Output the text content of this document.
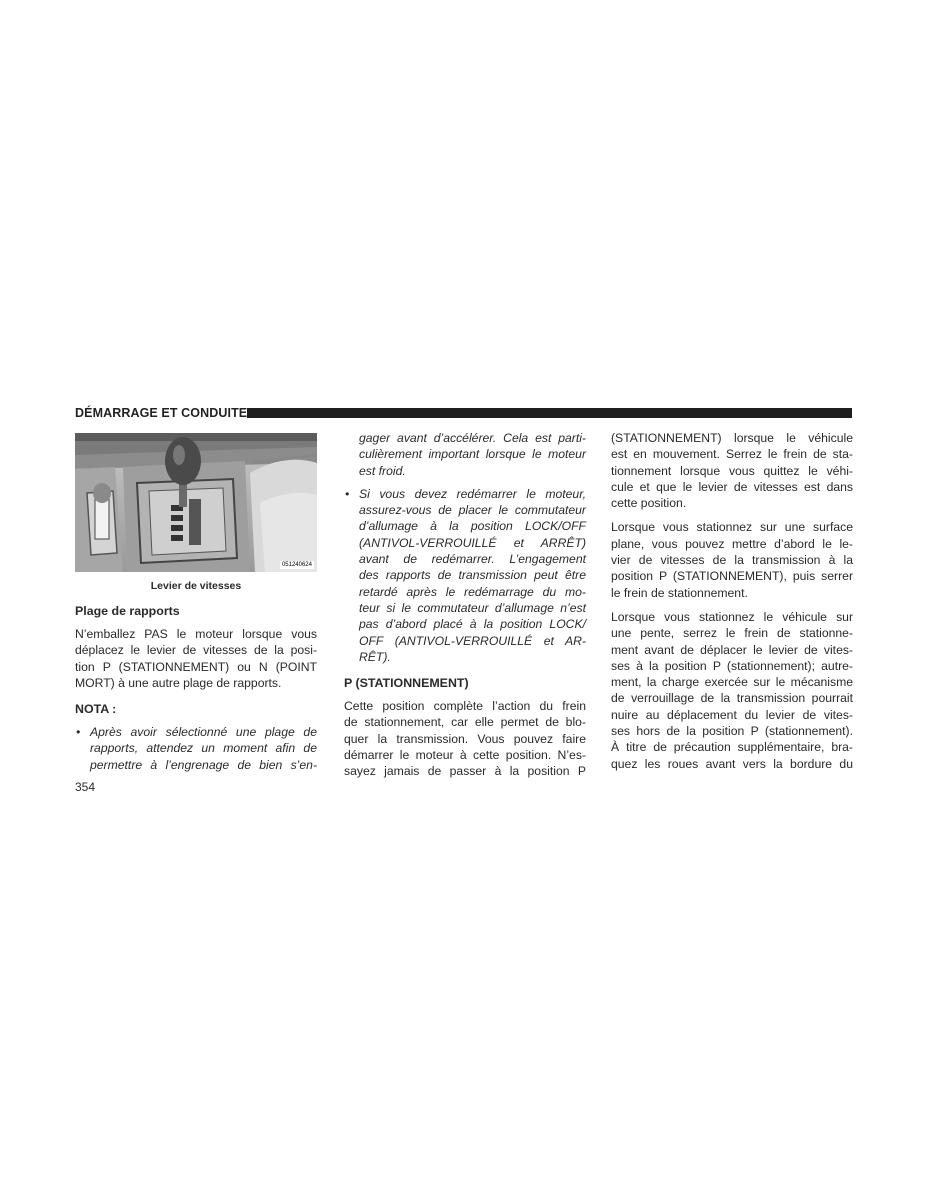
DÉMARRAGE ET CONDUITE
051240624
Levier de vitesses
Plage de rapports

N’emballez PAS le moteur lorsque vous
déplacez le levier de vitesses de la posi-
tion P (STATIONNEMENT) ou N (POINT
MORT) à une autre plage de rapports.

NOTA :
• Après avoir sélectionné une plage de
rapports, attendez un moment afin de
permettre à l’engrenage de bien s’en-
gager avant d’accélérer. Cela est parti-
culièrement important lorsque le moteur
est froid.
• Si vous devez redémarrer le moteur,
assurez-vous de placer le commutateur
d’allumage à la position LOCK/OFF
(ANTIVOL-VERROUILLÉ et ARRÊT)
avant de redémarrer. L’engagement
des rapports de transmission peut être
retardé après le redémarrage du mo-
teur si le commutateur d’allumage n’est
pas d’abord placé à la position LOCK/
OFF (ANTIVOL-VERROUILLÉ et AR-
RÊT).
P (STATIONNEMENT)

Cette position complète l’action du frein
de stationnement, car elle permet de blo-
quer la transmission. Vous pouvez faire
démarrer le moteur à cette position. N’es-
sayez jamais de passer à la position P

(STATIONNEMENT) lorsque le véhicule
est en mouvement. Serrez le frein de sta-
tionnement lorsque vous quittez le véhi-
cule et que le levier de vitesses est dans
cette position.

Lorsque vous stationnez sur une surface
plane, vous pouvez mettre d’abord le le-
vier de vitesses de la transmission à la
position P (STATIONNEMENT), puis serrer
le frein de stationnement.

Lorsque vous stationnez le véhicule sur
une pente, serrez le frein de stationne-
ment avant de déplacer le levier de vites-
ses à la position P (stationnement); autre-
ment, la charge exercée sur le mécanisme
de verrouillage de la transmission pourrait
nuire au déplacement du levier de vites-
ses hors de la position P (stationnement).
À titre de précaution supplémentaire, bra-
quez les roues avant vers la bordure du

354
